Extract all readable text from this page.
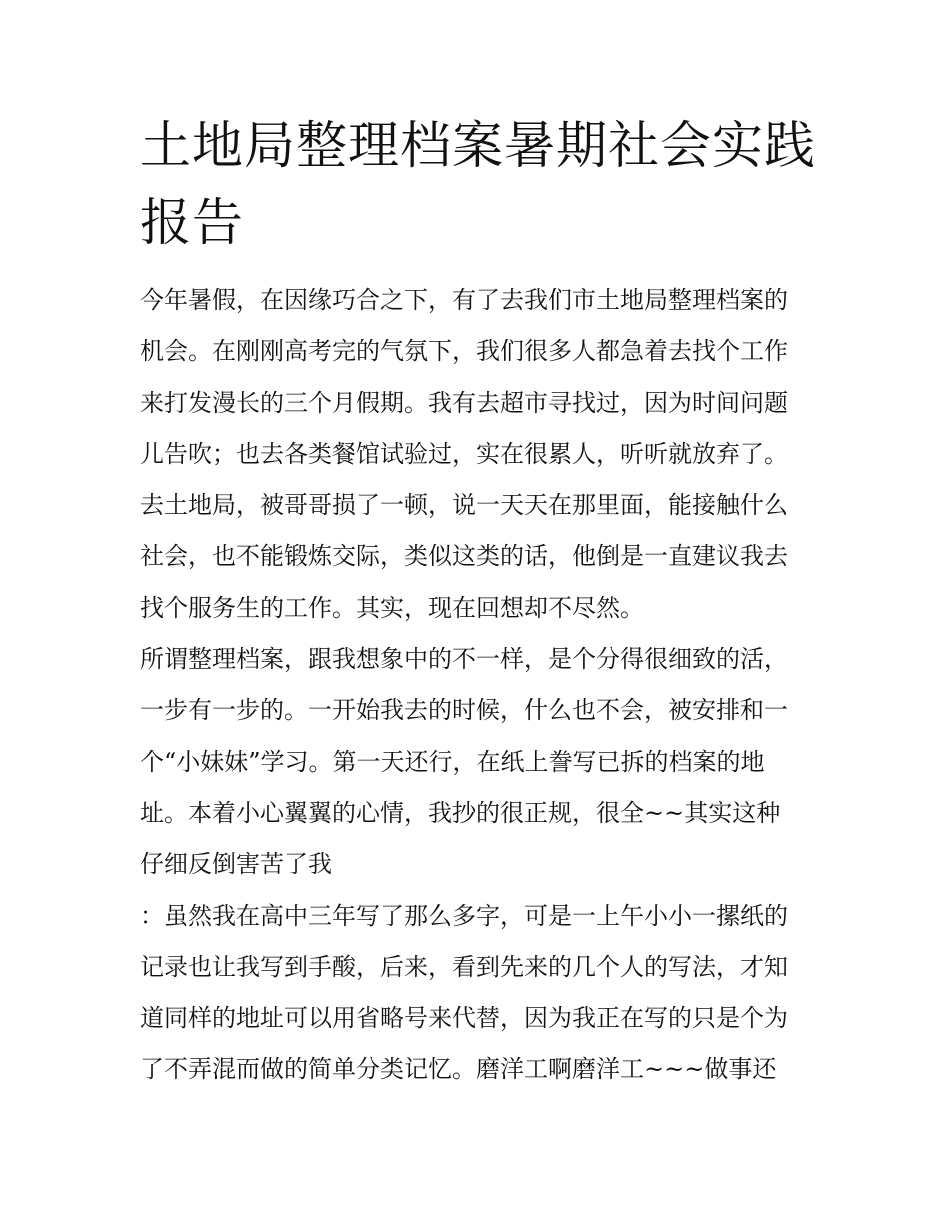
土地局整理档案暑期社会实践
报告
今年暑假，在因缘巧合之下，有了去我们市土地局整理档案的
机会。在刚刚高考完的气氛下，我们很多人都急着去找个工作
来打发漫长的三个月假期。我有去超市寻找过，因为时间问题
儿告吹；也去各类餐馆试验过，实在很累人，听听就放弃了。
去土地局，被哥哥损了一顿，说一天天在那里面，能接触什么
社会，也不能锻炼交际，类似这类的话，他倒是一直建议我去
找个服务生的工作。其实，现在回想却不尽然。
所谓整理档案，跟我想象中的不一样，是个分得很细致的活，
一步有一步的。一开始我去的时候，什么也不会，被安排和一
个“小妹妹”学习。第一天还行，在纸上誊写已拆的档案的地
址。本着小心翼翼的心情，我抄的很正规，很全~~其实这种
仔细反倒害苦了我
：虽然我在高中三年写了那么多字，可是一上午小小一摞纸的
记录也让我写到手酸，后来，看到先来的几个人的写法，才知
道同样的地址可以用省略号来代替，因为我正在写的只是个为
了不弄混而做的简单分类记忆。磨洋工啊磨洋工~~~做事还
